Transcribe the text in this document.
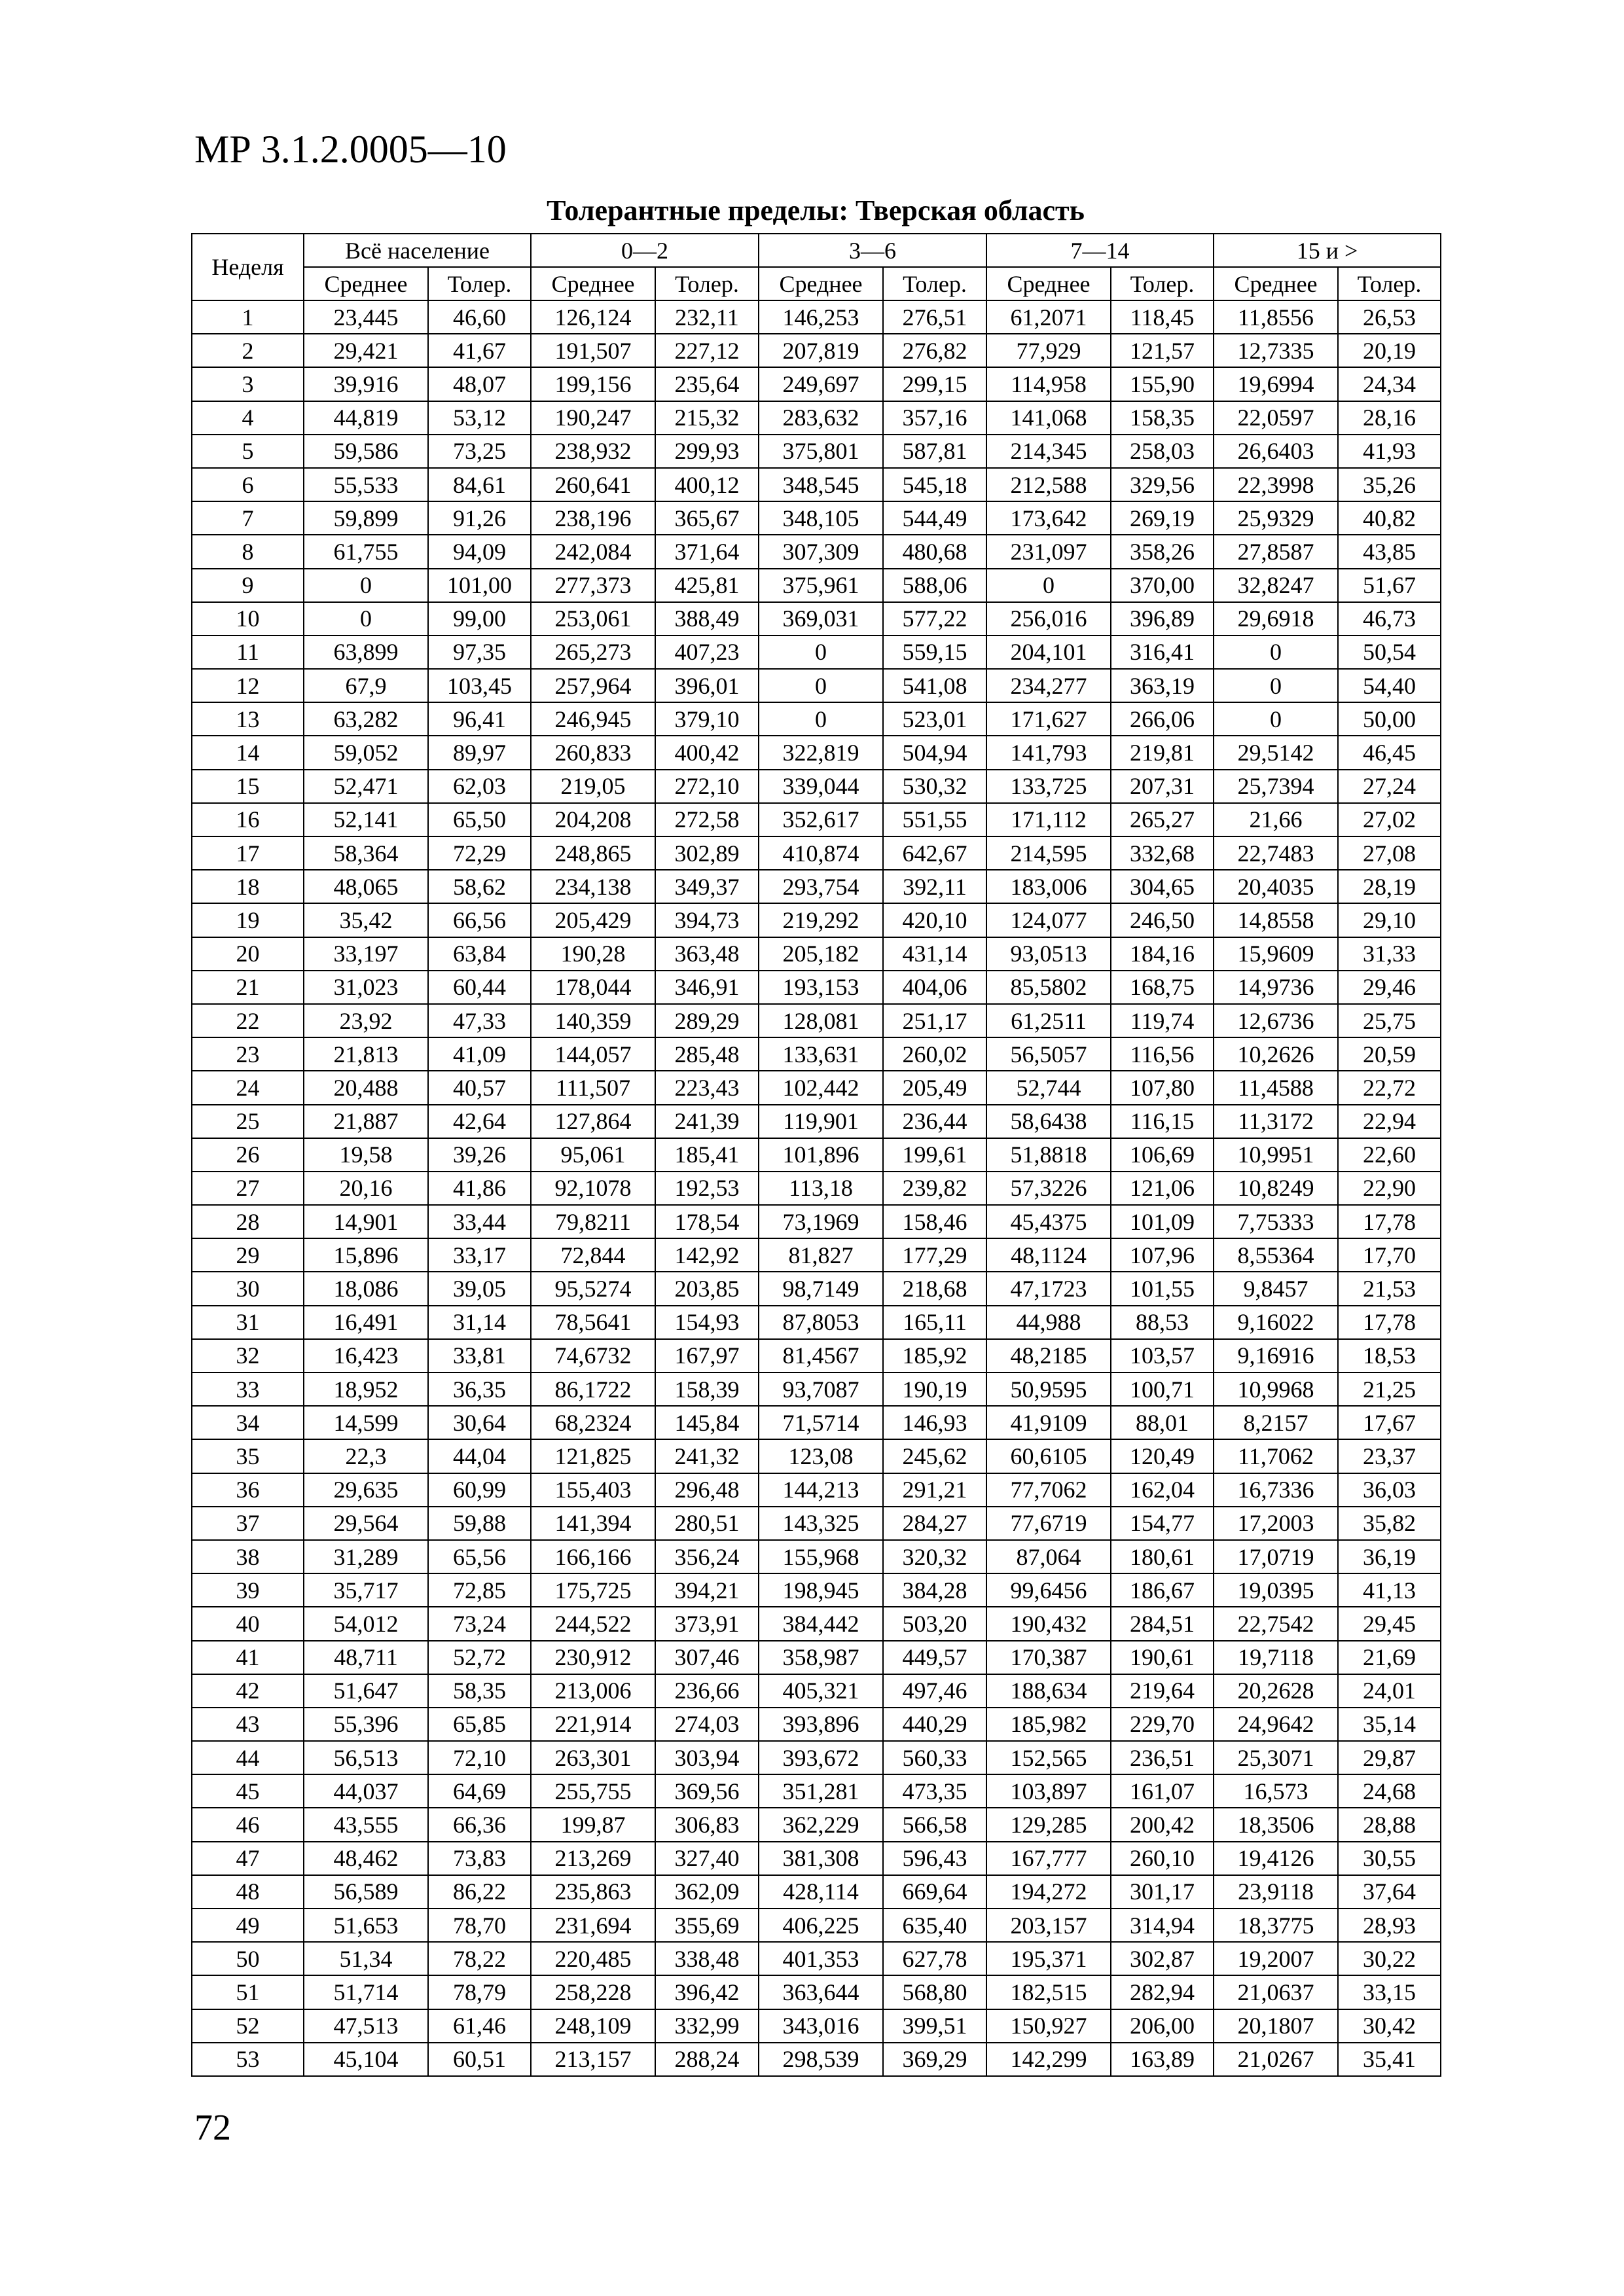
МР 3.1.2.0005—10
Толерантные пределы: Тверская область
Неделя	Всё население		0—2		3—6		7—14		15 и >	
	Среднее	Толер.	Среднее	Толер.	Среднее	Толер.	Среднее	Толер.	Среднее	Толер.
1	23,445	46,60	126,124	232,11	146,253	276,51	61,2071	118,45	11,8556	26,53
2	29,421	41,67	191,507	227,12	207,819	276,82	77,929	121,57	12,7335	20,19
3	39,916	48,07	199,156	235,64	249,697	299,15	114,958	155,90	19,6994	24,34
4	44,819	53,12	190,247	215,32	283,632	357,16	141,068	158,35	22,0597	28,16
5	59,586	73,25	238,932	299,93	375,801	587,81	214,345	258,03	26,6403	41,93
6	55,533	84,61	260,641	400,12	348,545	545,18	212,588	329,56	22,3998	35,26
7	59,899	91,26	238,196	365,67	348,105	544,49	173,642	269,19	25,9329	40,82
8	61,755	94,09	242,084	371,64	307,309	480,68	231,097	358,26	27,8587	43,85
9	0	101,00	277,373	425,81	375,961	588,06	0	370,00	32,8247	51,67
10	0	99,00	253,061	388,49	369,031	577,22	256,016	396,89	29,6918	46,73
11	63,899	97,35	265,273	407,23	0	559,15	204,101	316,41	0	50,54
12	67,9	103,45	257,964	396,01	0	541,08	234,277	363,19	0	54,40
13	63,282	96,41	246,945	379,10	0	523,01	171,627	266,06	0	50,00
14	59,052	89,97	260,833	400,42	322,819	504,94	141,793	219,81	29,5142	46,45
15	52,471	62,03	219,05	272,10	339,044	530,32	133,725	207,31	25,7394	27,24
16	52,141	65,50	204,208	272,58	352,617	551,55	171,112	265,27	21,66	27,02
17	58,364	72,29	248,865	302,89	410,874	642,67	214,595	332,68	22,7483	27,08
18	48,065	58,62	234,138	349,37	293,754	392,11	183,006	304,65	20,4035	28,19
19	35,42	66,56	205,429	394,73	219,292	420,10	124,077	246,50	14,8558	29,10
20	33,197	63,84	190,28	363,48	205,182	431,14	93,0513	184,16	15,9609	31,33
21	31,023	60,44	178,044	346,91	193,153	404,06	85,5802	168,75	14,9736	29,46
22	23,92	47,33	140,359	289,29	128,081	251,17	61,2511	119,74	12,6736	25,75
23	21,813	41,09	144,057	285,48	133,631	260,02	56,5057	116,56	10,2626	20,59
24	20,488	40,57	111,507	223,43	102,442	205,49	52,744	107,80	11,4588	22,72
25	21,887	42,64	127,864	241,39	119,901	236,44	58,6438	116,15	11,3172	22,94
26	19,58	39,26	95,061	185,41	101,896	199,61	51,8818	106,69	10,9951	22,60
27	20,16	41,86	92,1078	192,53	113,18	239,82	57,3226	121,06	10,8249	22,90
28	14,901	33,44	79,8211	178,54	73,1969	158,46	45,4375	101,09	7,75333	17,78
29	15,896	33,17	72,844	142,92	81,827	177,29	48,1124	107,96	8,55364	17,70
30	18,086	39,05	95,5274	203,85	98,7149	218,68	47,1723	101,55	9,8457	21,53
31	16,491	31,14	78,5641	154,93	87,8053	165,11	44,988	88,53	9,16022	17,78
32	16,423	33,81	74,6732	167,97	81,4567	185,92	48,2185	103,57	9,16916	18,53
33	18,952	36,35	86,1722	158,39	93,7087	190,19	50,9595	100,71	10,9968	21,25
34	14,599	30,64	68,2324	145,84	71,5714	146,93	41,9109	88,01	8,2157	17,67
35	22,3	44,04	121,825	241,32	123,08	245,62	60,6105	120,49	11,7062	23,37
36	29,635	60,99	155,403	296,48	144,213	291,21	77,7062	162,04	16,7336	36,03
37	29,564	59,88	141,394	280,51	143,325	284,27	77,6719	154,77	17,2003	35,82
38	31,289	65,56	166,166	356,24	155,968	320,32	87,064	180,61	17,0719	36,19
39	35,717	72,85	175,725	394,21	198,945	384,28	99,6456	186,67	19,0395	41,13
40	54,012	73,24	244,522	373,91	384,442	503,20	190,432	284,51	22,7542	29,45
41	48,711	52,72	230,912	307,46	358,987	449,57	170,387	190,61	19,7118	21,69
42	51,647	58,35	213,006	236,66	405,321	497,46	188,634	219,64	20,2628	24,01
43	55,396	65,85	221,914	274,03	393,896	440,29	185,982	229,70	24,9642	35,14
44	56,513	72,10	263,301	303,94	393,672	560,33	152,565	236,51	25,3071	29,87
45	44,037	64,69	255,755	369,56	351,281	473,35	103,897	161,07	16,573	24,68
46	43,555	66,36	199,87	306,83	362,229	566,58	129,285	200,42	18,3506	28,88
47	48,462	73,83	213,269	327,40	381,308	596,43	167,777	260,10	19,4126	30,55
48	56,589	86,22	235,863	362,09	428,114	669,64	194,272	301,17	23,9118	37,64
49	51,653	78,70	231,694	355,69	406,225	635,40	203,157	314,94	18,3775	28,93
50	51,34	78,22	220,485	338,48	401,353	627,78	195,371	302,87	19,2007	30,22
51	51,714	78,79	258,228	396,42	363,644	568,80	182,515	282,94	21,0637	33,15
52	47,513	61,46	248,109	332,99	343,016	399,51	150,927	206,00	20,1807	30,42
53	45,104	60,51	213,157	288,24	298,539	369,29	142,299	163,89	21,0267	35,41
72
